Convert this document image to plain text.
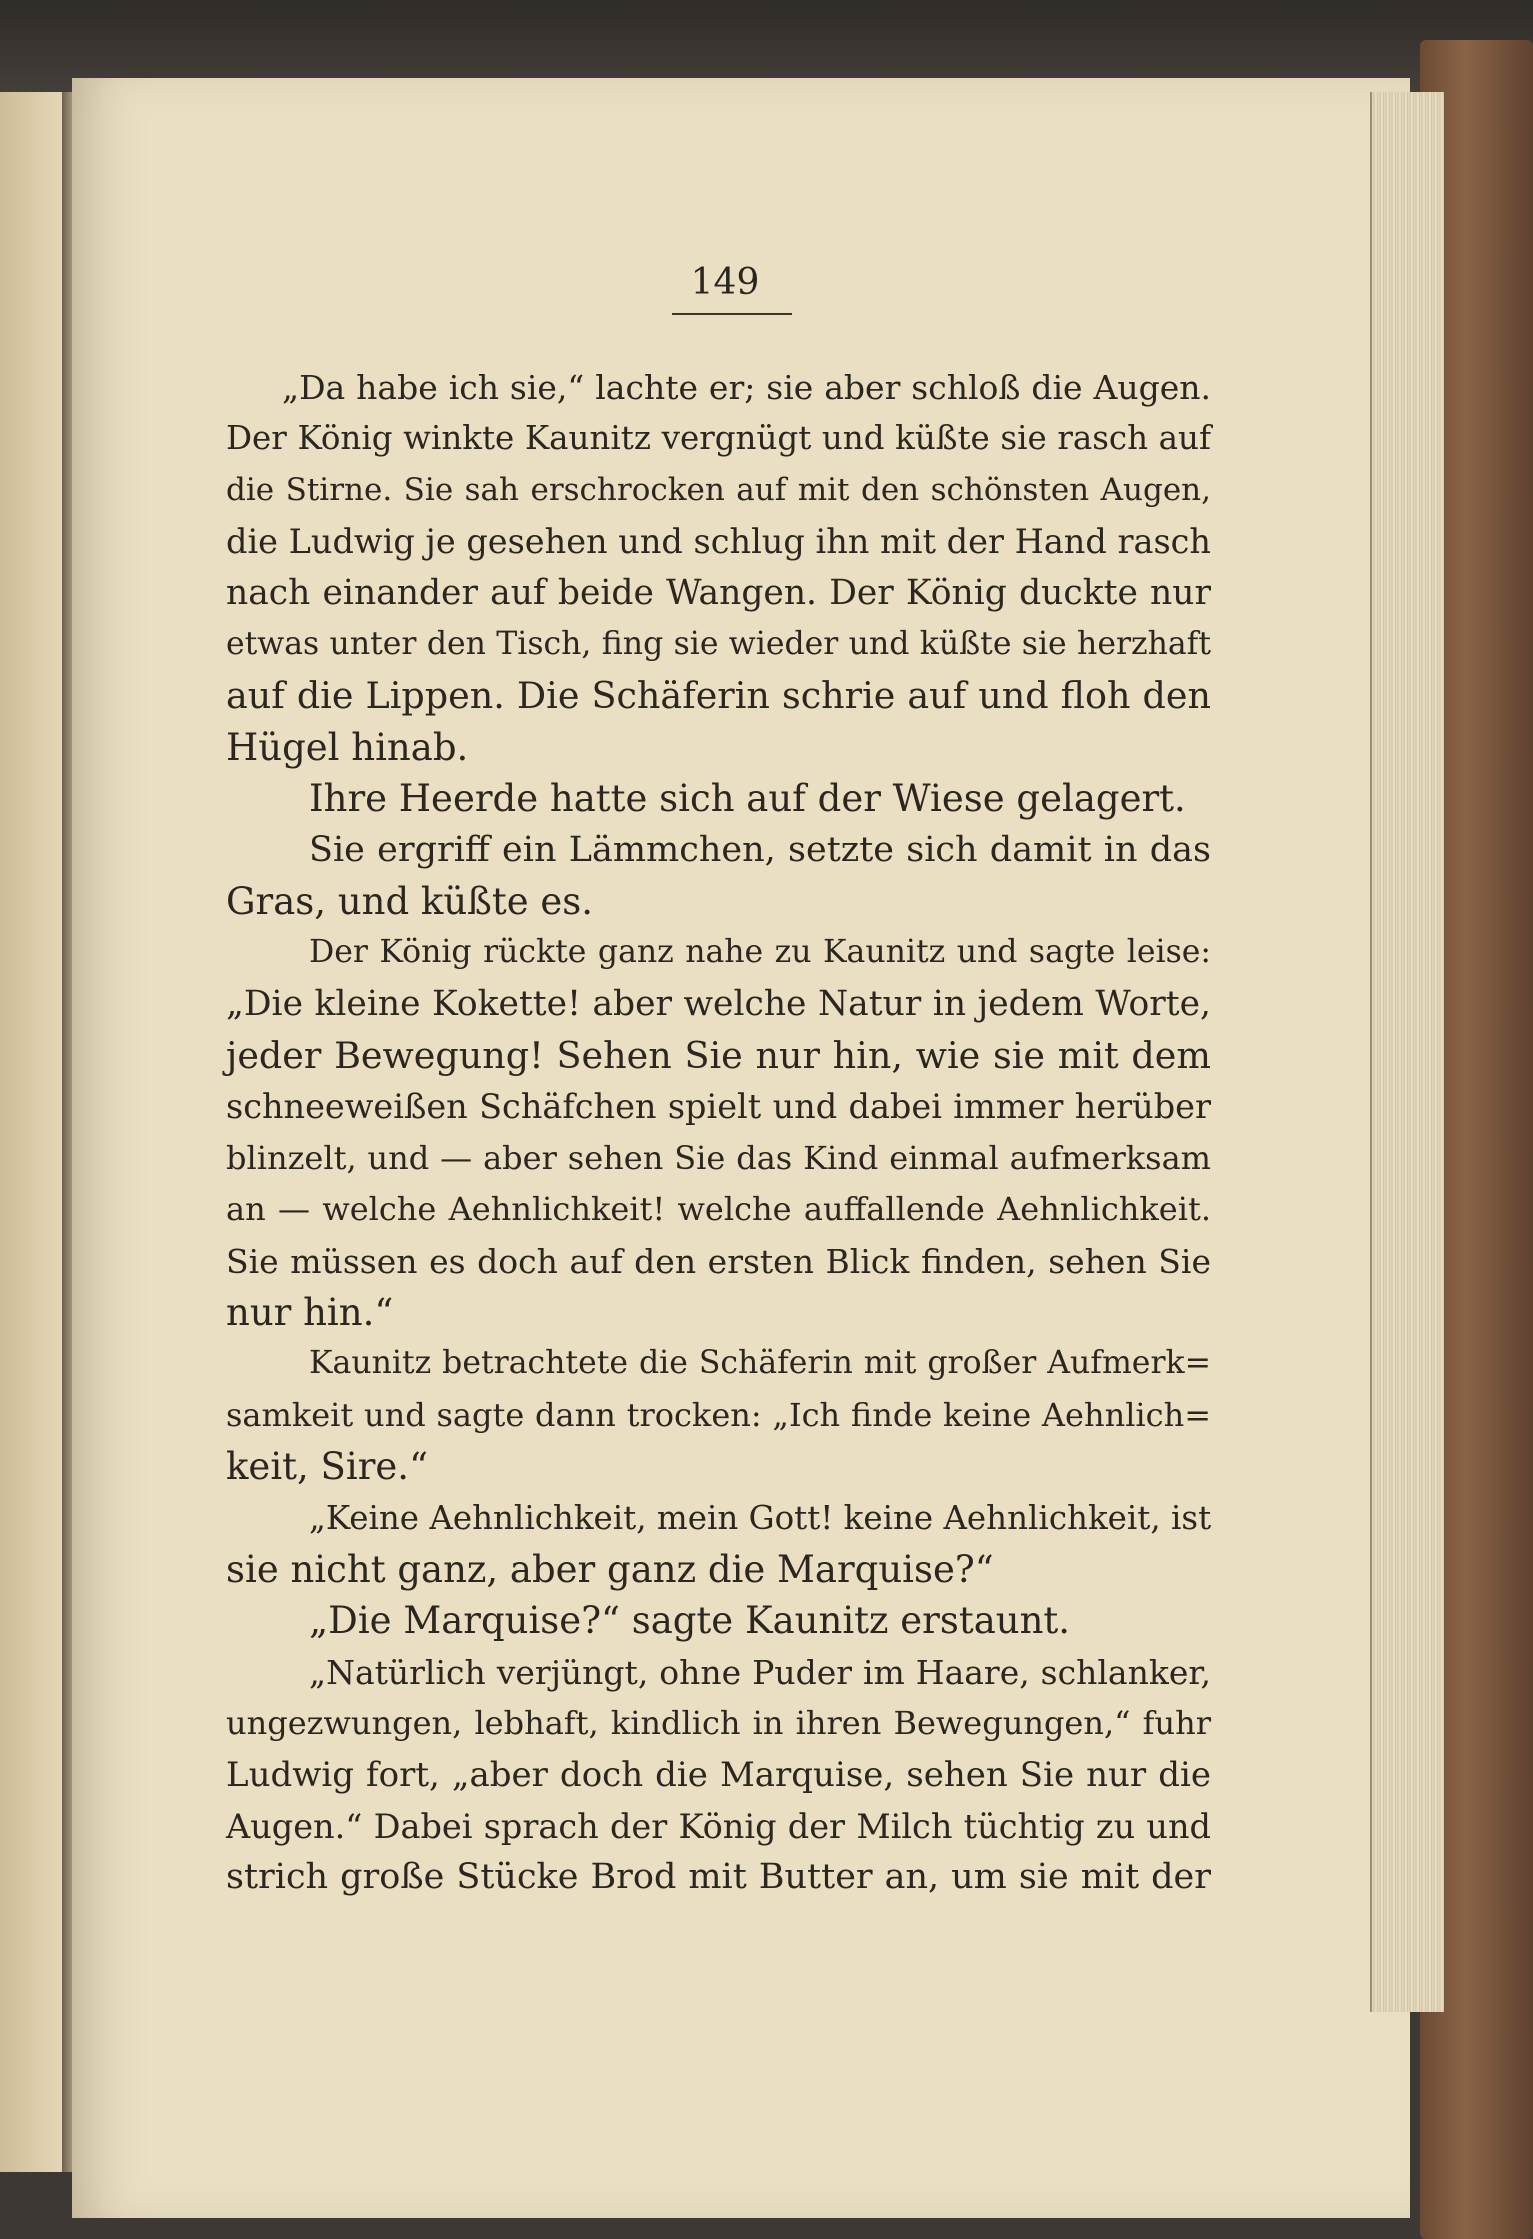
149
„Da habe ich sie,“ lachte er; sie aber schloß die Augen.
Der König winkte Kaunitz vergnügt und küßte sie rasch auf
die Stirne. Sie sah erschrocken auf mit den schönsten Augen,
die Ludwig je gesehen und schlug ihn mit der Hand rasch
nach einander auf beide Wangen. Der König duckte nur
etwas unter den Tisch, fing sie wieder und küßte sie herzhaft
auf die Lippen. Die Schäferin schrie auf und floh den
Hügel hinab.
Ihre Heerde hatte sich auf der Wiese gelagert.
Sie ergriff ein Lämmchen, setzte sich damit in das
Gras, und küßte es.
Der König rückte ganz nahe zu Kaunitz und sagte leise:
„Die kleine Kokette! aber welche Natur in jedem Worte,
jeder Bewegung! Sehen Sie nur hin, wie sie mit dem
schneeweißen Schäfchen spielt und dabei immer herüber
blinzelt, und — aber sehen Sie das Kind einmal aufmerksam
an — welche Aehnlichkeit! welche auffallende Aehnlichkeit.
Sie müssen es doch auf den ersten Blick finden, sehen Sie
nur hin.“
Kaunitz betrachtete die Schäferin mit großer Aufmerk=
samkeit und sagte dann trocken: „Ich finde keine Aehnlich=
keit, Sire.“
„Keine Aehnlichkeit, mein Gott! keine Aehnlichkeit, ist
sie nicht ganz, aber ganz die Marquise?“
„Die Marquise?“ sagte Kaunitz erstaunt.
„Natürlich verjüngt, ohne Puder im Haare, schlanker,
ungezwungen, lebhaft, kindlich in ihren Bewegungen,“ fuhr
Ludwig fort, „aber doch die Marquise, sehen Sie nur die
Augen.“ Dabei sprach der König der Milch tüchtig zu und
strich große Stücke Brod mit Butter an, um sie mit der
